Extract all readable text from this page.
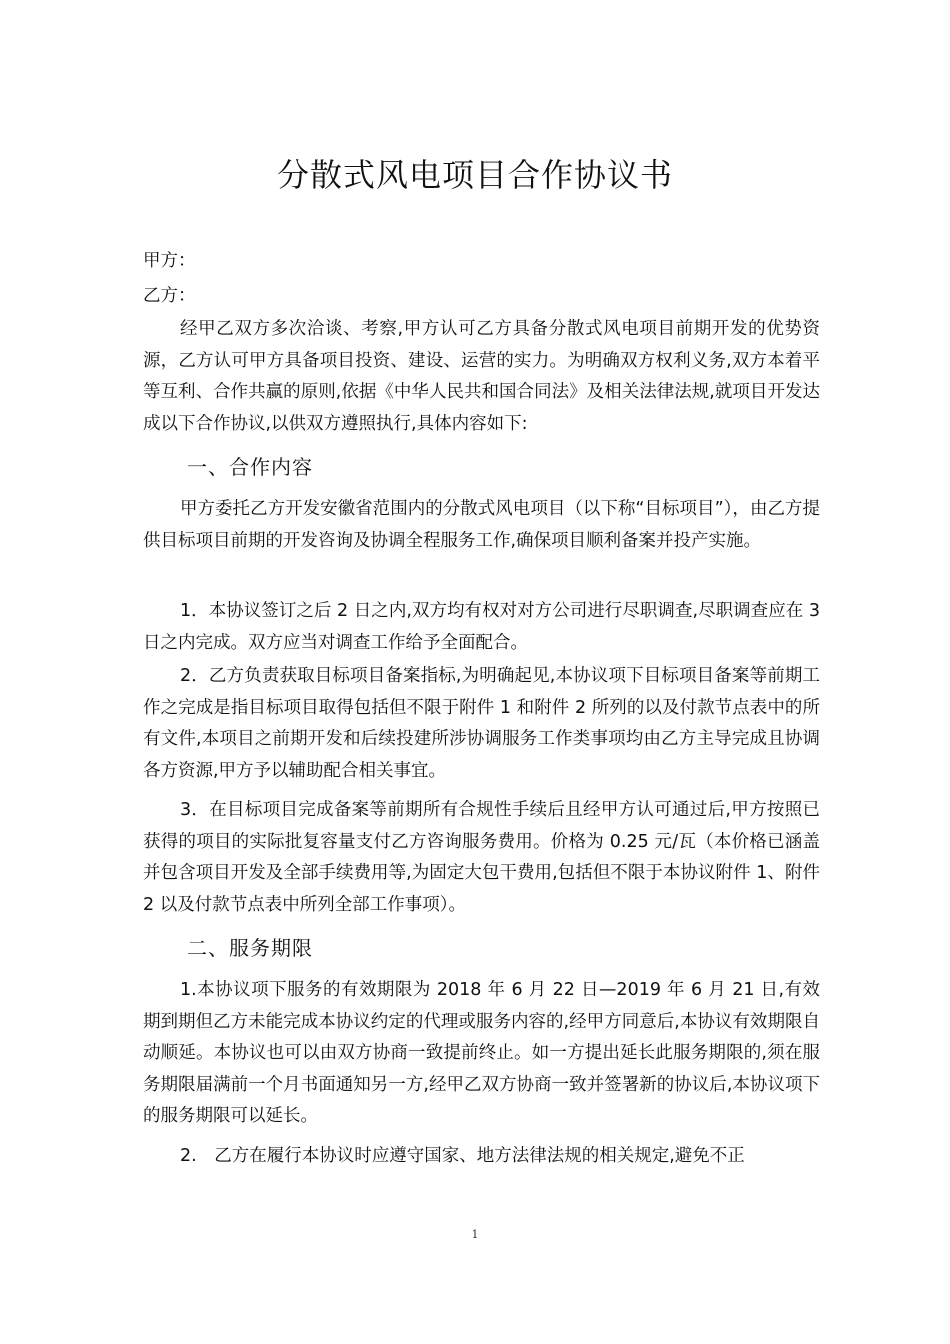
分散式风电项目合作协议书
甲方：
乙方：
经甲乙双方多次洽谈、考察,甲方认可乙方具备分散式风电项目前期开发的优势资源，乙方认可甲方具备项目投资、建设、运营的实力。为明确双方权利义务,双方本着平等互利、合作共赢的原则,依据《中华人民共和国合同法》及相关法律法规,就项目开发达成以下合作协议,以供双方遵照执行,具体内容如下:
一、合作内容
甲方委托乙方开发安徽省范围内的分散式风电项目（以下称“目标项目”），由乙方提供目标项目前期的开发咨询及协调全程服务工作,确保项目顺利备案并投产实施。
1．本协议签订之后 2 日之内,双方均有权对对方公司进行尽职调查,尽职调查应在 3 日之内完成。双方应当对调查工作给予全面配合。
2．乙方负责获取目标项目备案指标,为明确起见,本协议项下目标项目备案等前期工作之完成是指目标项目取得包括但不限于附件 1 和附件 2 所列的以及付款节点表中的所有文件,本项目之前期开发和后续投建所涉协调服务工作类事项均由乙方主导完成且协调各方资源,甲方予以辅助配合相关事宜。
3．在目标项目完成备案等前期所有合规性手续后且经甲方认可通过后,甲方按照已获得的项目的实际批复容量支付乙方咨询服务费用。价格为 0.25 元/瓦（本价格已涵盖并包含项目开发及全部手续费用等,为固定大包干费用,包括但不限于本协议附件 1、附件 2 以及付款节点表中所列全部工作事项）。
二、服务期限
1.本协议项下服务的有效期限为 2018 年 6 月 22 日—2019 年 6 月 21 日,有效期到期但乙方未能完成本协议约定的代理或服务内容的,经甲方同意后,本协议有效期限自动顺延。本协议也可以由双方协商一致提前终止。如一方提出延长此服务期限的,须在服务期限届满前一个月书面通知另一方,经甲乙双方协商一致并签署新的协议后,本协议项下的服务期限可以延长。
2.　乙方在履行本协议时应遵守国家、地方法律法规的相关规定,避免不正
1
